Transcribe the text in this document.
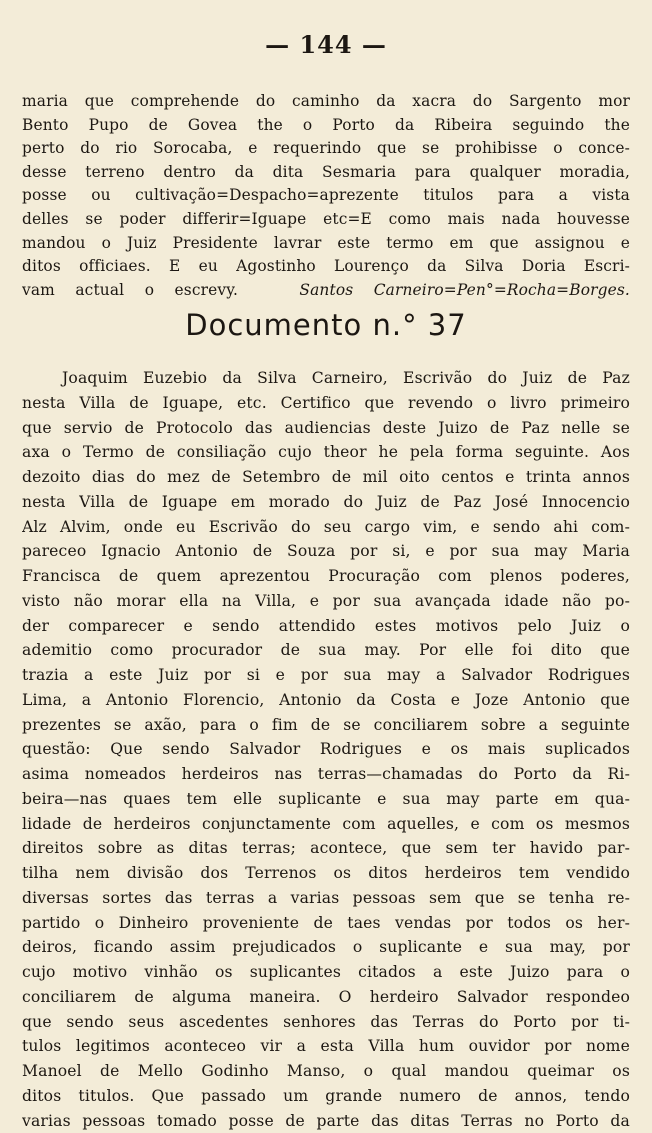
— 144 —
maria que comprehende do caminho da xacra do Sargento mor
Bento Pupo de Govea the o Porto da Ribeira seguindo the
perto do rio Sorocaba, e requerindo que se prohibisse o conce-
desse terreno dentro da dita Sesmaria para qualquer moradia,
posse ou cultivação=Despacho=aprezente titulos para a vista
delles se poder differir=Iguape etc=E como mais nada houvesse
mandou o Juiz Presidente lavrar este termo em que assignou e
ditos officiaes. E eu Agostinho Lourenço da Silva Doria Escri-
vam actual o escrevy.	Santos Carneiro=Pen°=Rocha=Borges.
Documento n.° 37
Joaquim Euzebio da Silva Carneiro, Escrivão do Juiz de Paz
nesta Villa de Iguape, etc. Certifico que revendo o livro primeiro
que servio de Protocolo das audiencias deste Juizo de Paz nelle se
axa o Termo de consiliação cujo theor he pela forma seguinte. Aos
dezoito dias do mez de Setembro de mil oito centos e trinta annos
nesta Villa de Iguape em morado do Juiz de Paz José Innocencio
Alz Alvim, onde eu Escrivão do seu cargo vim, e sendo ahi com-
pareceo Ignacio Antonio de Souza por si, e por sua may Maria
Francisca de quem aprezentou Procuração com plenos poderes,
visto não morar ella na Villa, e por sua avançada idade não po-
der comparecer e sendo attendido estes motivos pelo Juiz o
ademitio como procurador de sua may. Por elle foi dito que
trazia a este Juiz por si e por sua may a Salvador Rodrigues
Lima, a Antonio Florencio, Antonio da Costa e Joze Antonio que
prezentes se axão, para o fim de se conciliarem sobre a seguinte
questão: Que sendo Salvador Rodrigues e os mais suplicados
asima nomeados herdeiros nas terras—chamadas do Porto da Ri-
beira—nas quaes tem elle suplicante e sua may parte em qua-
lidade de herdeiros conjunctamente com aquelles, e com os mesmos
direitos sobre as ditas terras; acontece, que sem ter havido par-
tilha nem divisão dos Terrenos os ditos herdeiros tem vendido
diversas sortes das terras a varias pessoas sem que se tenha re-
partido o Dinheiro proveniente de taes vendas por todos os her-
deiros, ficando assim prejudicados o suplicante e sua may, por
cujo motivo vinhão os suplicantes citados a este Juizo para o
conciliarem de alguma maneira. O herdeiro Salvador respondeo
que sendo seus ascedentes senhores das Terras do Porto por ti-
tulos legitimos aconteceo vir a esta Villa hum ouvidor por nome
Manoel de Mello Godinho Manso, o qual mandou queimar os
ditos titulos. Que passado um grande numero de annos, tendo
varias pessoas tomado posse de parte das ditas Terras no Porto da
